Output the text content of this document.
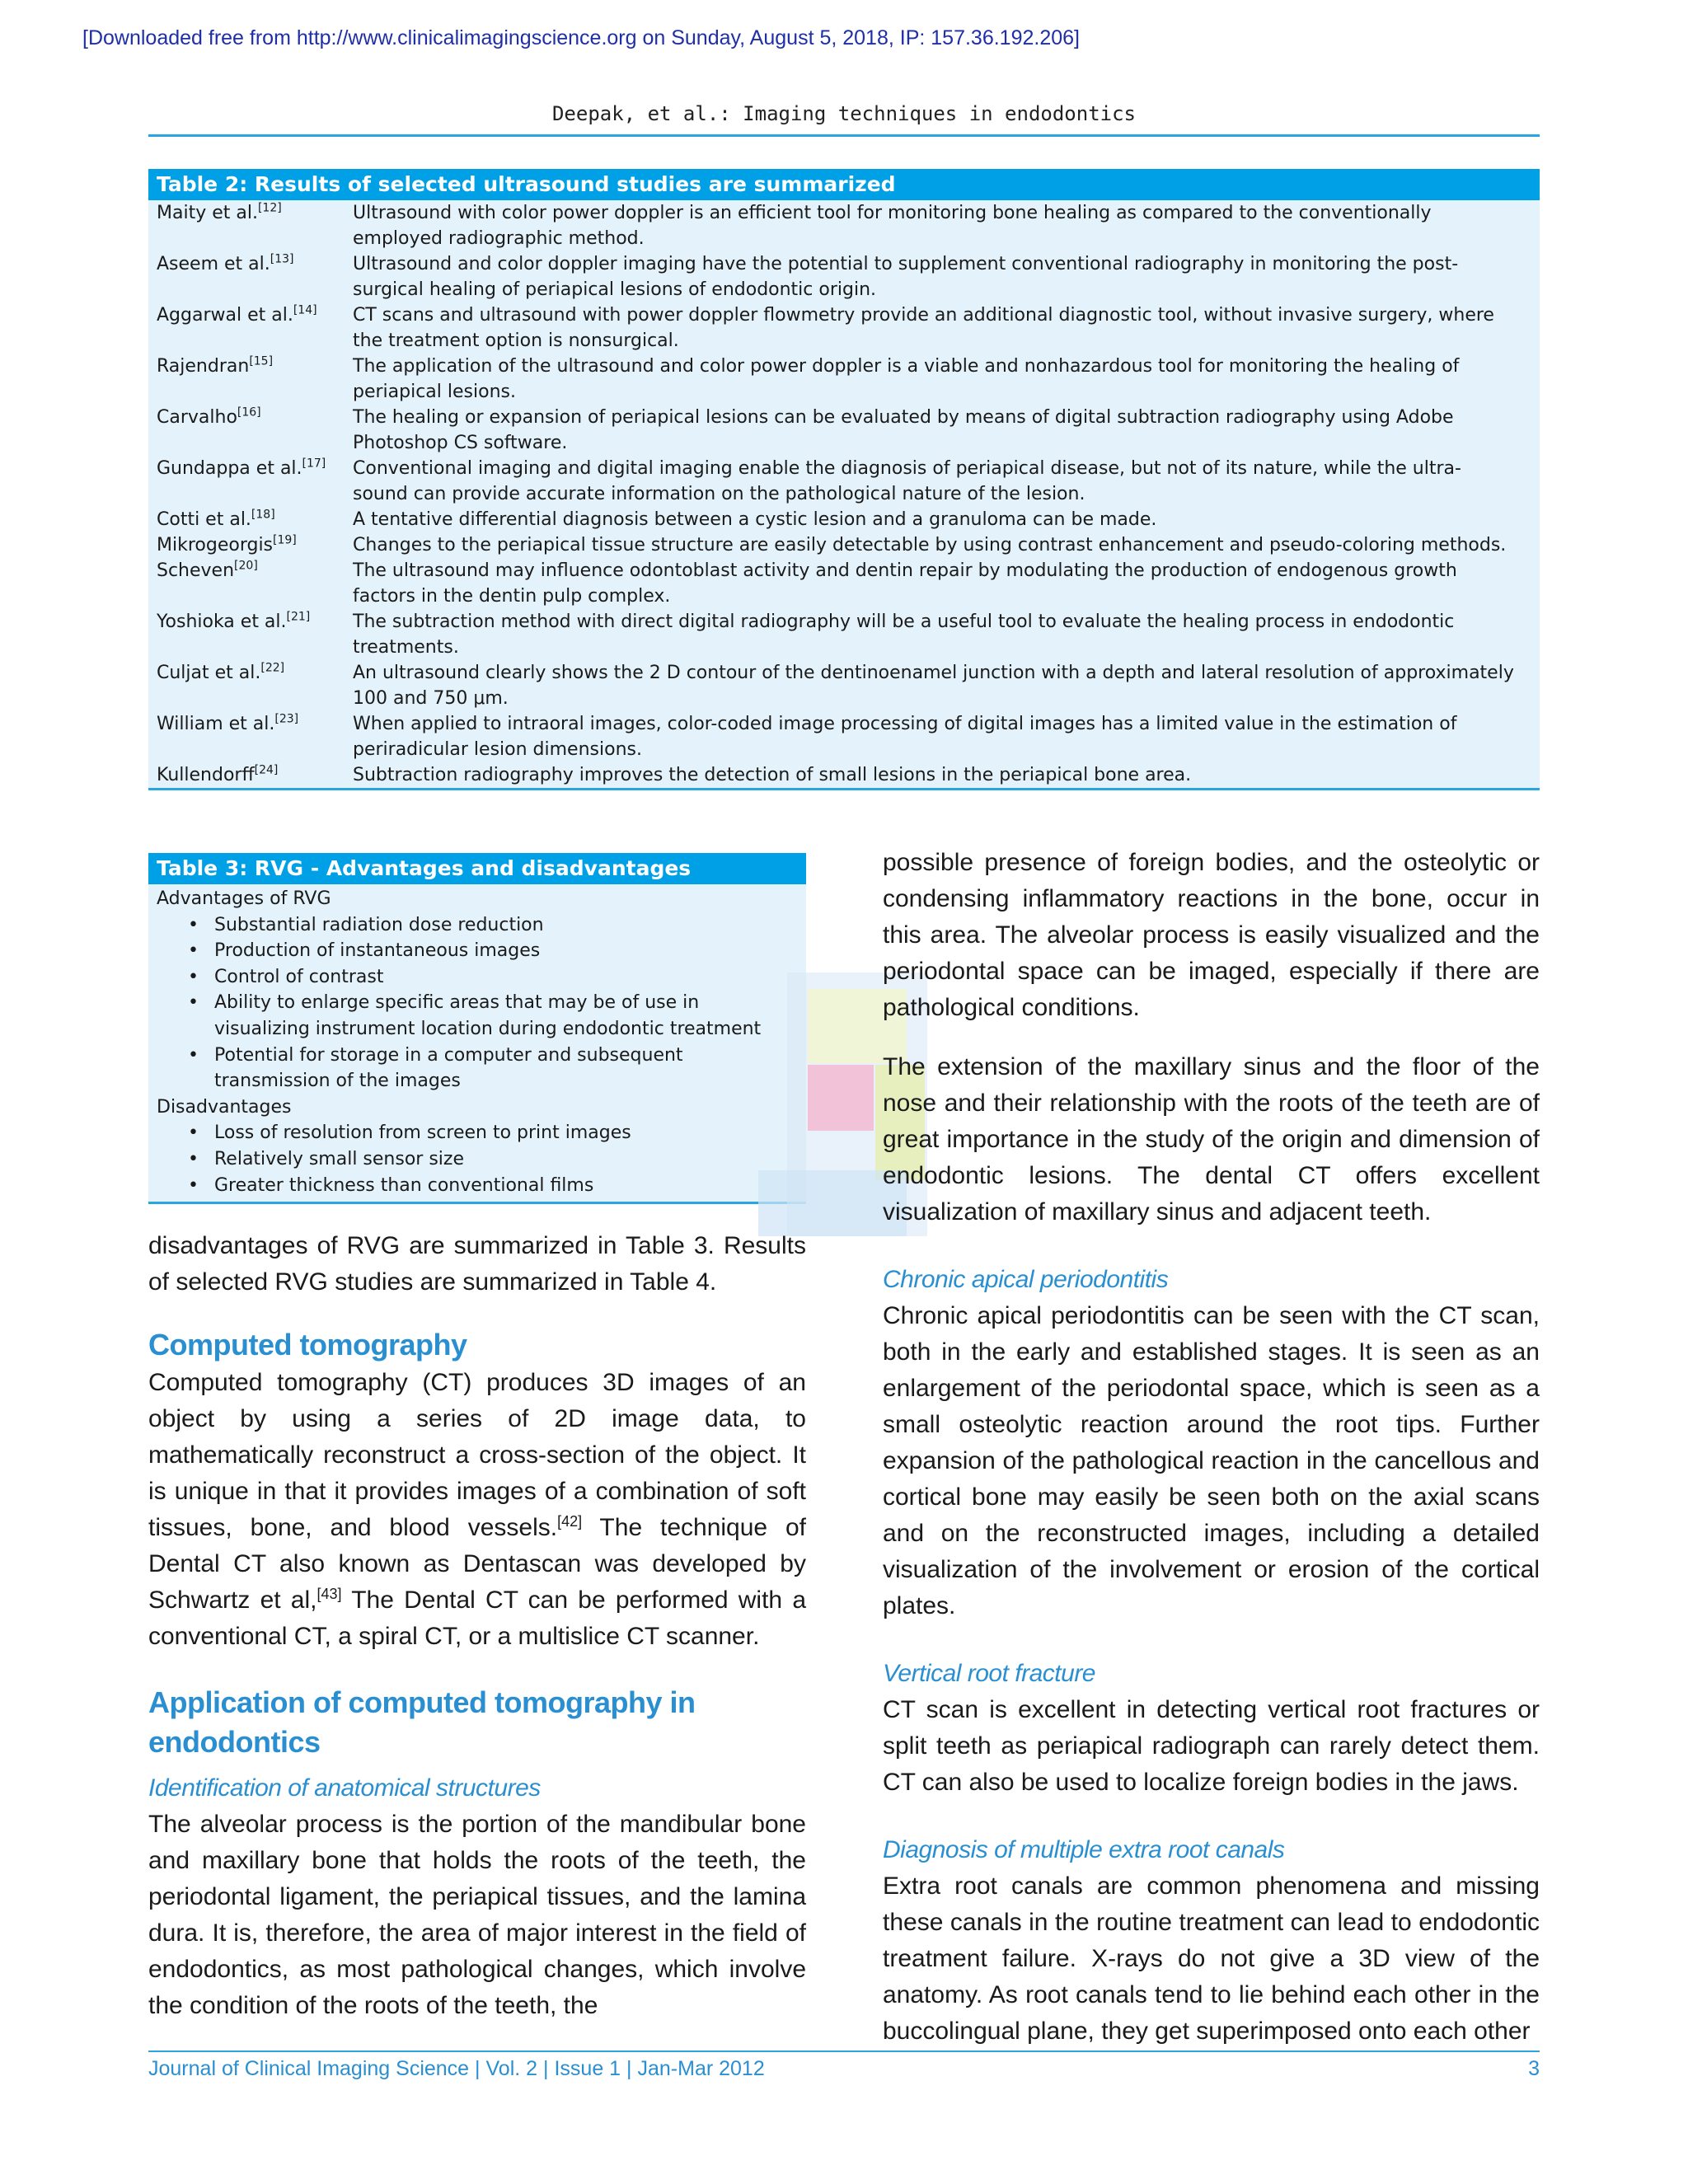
[Downloaded free from http://www.clinicalimagingscience.org on Sunday, August 5, 2018, IP: 157.36.192.206]
Deepak, et al.: Imaging techniques in endodontics
Table 2: Results of selected ultrasound studies are summarized
Maity et al.[12]	Ultrasound with color power doppler is an efficient tool for monitoring bone healing as compared to the conventionally employed radiographic method.
Aseem et al.[13]	Ultrasound and color doppler imaging have the potential to supplement conventional radiography in monitoring the post-surgical healing of periapical lesions of endodontic origin.
Aggarwal et al.[14]	CT scans and ultrasound with power doppler flowmetry provide an additional diagnostic tool, without invasive surgery, where the treatment option is nonsurgical.
Rajendran[15]	The application of the ultrasound and color power doppler is a viable and nonhazardous tool for monitoring the healing of periapical lesions.
Carvalho[16]	The healing or expansion of periapical lesions can be evaluated by means of digital subtraction radiography using Adobe Photoshop CS software.
Gundappa et al.[17]	Conventional imaging and digital imaging enable the diagnosis of periapical disease, but not of its nature, while the ultra-sound can provide accurate information on the pathological nature of the lesion.
Cotti et al.[18]	A tentative differential diagnosis between a cystic lesion and a granuloma can be made.
Mikrogeorgis[19]	Changes to the periapical tissue structure are easily detectable by using contrast enhancement and pseudo-coloring methods.
Scheven[20]	The ultrasound may influence odontoblast activity and dentin repair by modulating the production of endogenous growth factors in the dentin pulp complex.
Yoshioka et al.[21]	The subtraction method with direct digital radiography will be a useful tool to evaluate the healing process in endodontic treatments.
Culjat et al.[22]	An ultrasound clearly shows the 2 D contour of the dentinoenamel junction with a depth and lateral resolution of approximately 100 and 750 μm.
William et al.[23]	When applied to intraoral images, color-coded image processing of digital images has a limited value in the estimation of periradicular lesion dimensions.
Kullendorff[24]	Subtraction radiography improves the detection of small lesions in the periapical bone area.
Table 3: RVG - Advantages and disadvantages
Advantages of RVG
• Substantial radiation dose reduction
• Production of instantaneous images
• Control of contrast
• Ability to enlarge specific areas that may be of use in visualizing instrument location during endodontic treatment
• Potential for storage in a computer and subsequent transmission of the images
Disadvantages
• Loss of resolution from screen to print images
• Relatively small sensor size
• Greater thickness than conventional films

disadvantages of RVG are summarized in Table 3. Results of selected RVG studies are summarized in Table 4.

Computed tomography

Computed tomography (CT) produces 3D images of an object by using a series of 2D image data, to mathematically reconstruct a cross-section of the object. It is unique in that it provides images of a combination of soft tissues, bone, and blood vessels.[42] The technique of Dental CT also known as Dentascan was developed by Schwartz et al,[43] The Dental CT can be performed with a conventional CT, a spiral CT, or a multislice CT scanner.

Application of computed tomography in endodontics
Identification of anatomical structures

The alveolar process is the portion of the mandibular bone and maxillary bone that holds the roots of the teeth, the periodontal ligament, the periapical tissues, and the lamina dura. It is, therefore, the area of major interest in the field of endodontics, as most pathological changes, which involve the condition of the roots of the teeth, the

possible presence of foreign bodies, and the osteolytic or condensing inflammatory reactions in the bone, occur in this area. The alveolar process is easily visualized and the periodontal space can be imaged, especially if there are pathological conditions.

The extension of the maxillary sinus and the floor of the nose and their relationship with the roots of the teeth are of great importance in the study of the origin and dimension of endodontic lesions. The dental CT offers excellent visualization of maxillary sinus and adjacent teeth.

Chronic apical periodontitis

Chronic apical periodontitis can be seen with the CT scan, both in the early and established stages. It is seen as an enlargement of the periodontal space, which is seen as a small osteolytic reaction around the root tips. Further expansion of the pathological reaction in the cancellous and cortical bone may easily be seen both on the axial scans and on the reconstructed images, including a detailed visualization of the involvement or erosion of the cortical plates.

Vertical root fracture

CT scan is excellent in detecting vertical root fractures or split teeth as periapical radiograph can rarely detect them. CT can also be used to localize foreign bodies in the jaws.

Diagnosis of multiple extra root canals

Extra root canals are common phenomena and missing these canals in the routine treatment can lead to endodontic treatment failure. X-rays do not give a 3D view of the anatomy. As root canals tend to lie behind each other in the buccolingual plane, they get superimposed onto each other

Journal of Clinical Imaging Science | Vol. 2 | Issue 1 | Jan-Mar 2012	3
